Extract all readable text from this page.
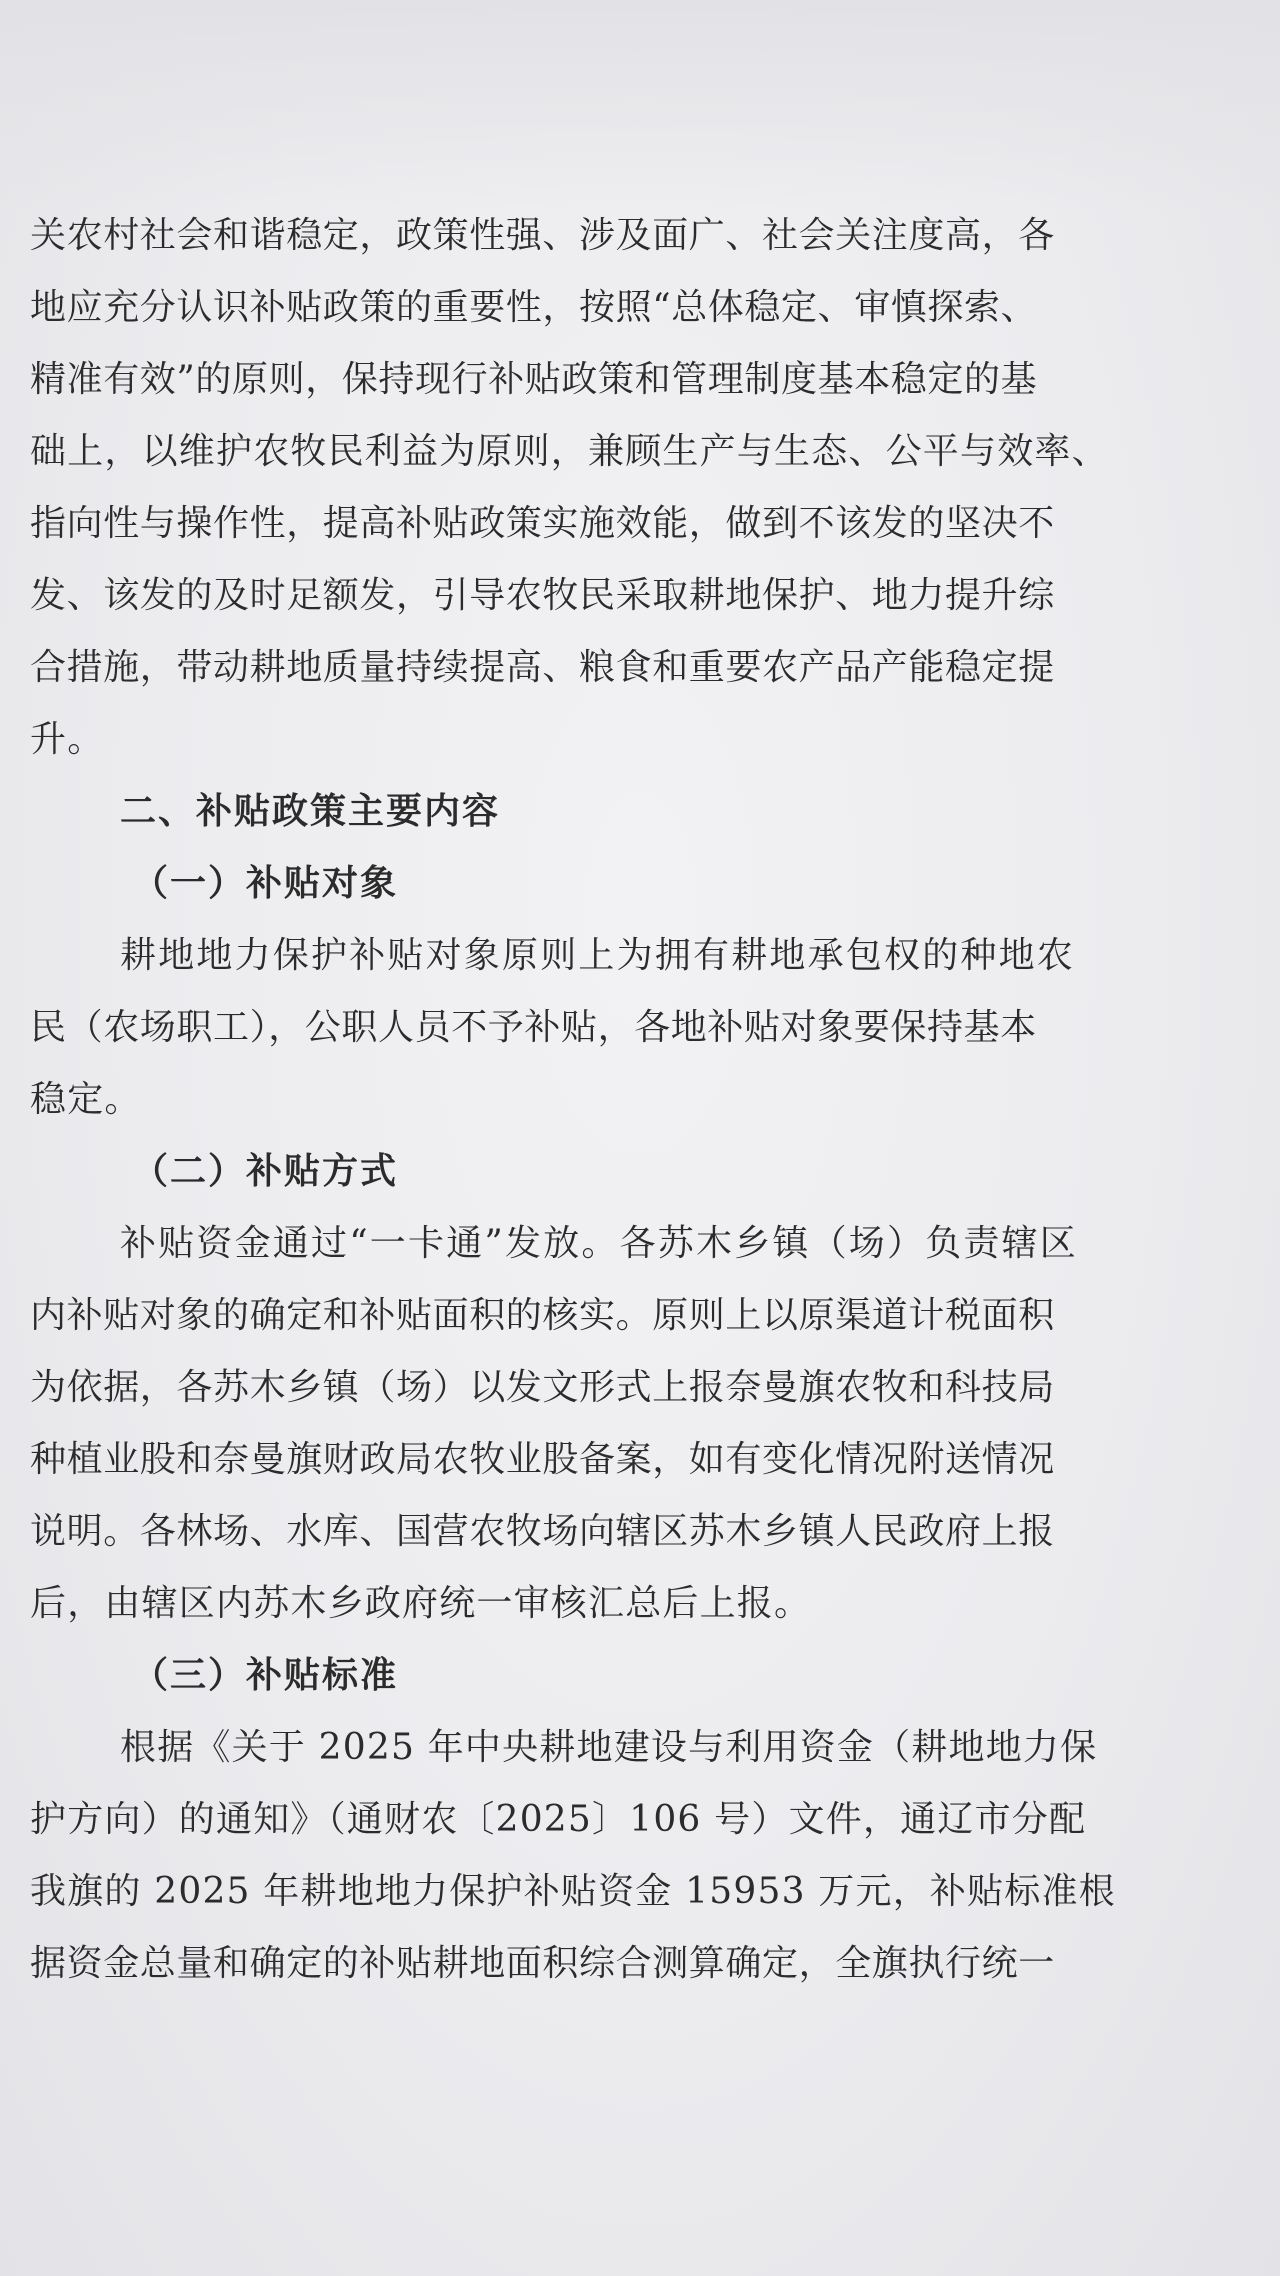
关农村社会和谐稳定，政策性强、涉及面广、社会关注度高，各
地应充分认识补贴政策的重要性，按照“总体稳定、审慎探索、
精准有效”的原则，保持现行补贴政策和管理制度基本稳定的基
础上，以维护农牧民利益为原则，兼顾生产与生态、公平与效率、
指向性与操作性，提高补贴政策实施效能，做到不该发的坚决不
发、该发的及时足额发，引导农牧民采取耕地保护、地力提升综
合措施，带动耕地质量持续提高、粮食和重要农产品产能稳定提
升。
二、补贴政策主要内容
（一）补贴对象
耕地地力保护补贴对象原则上为拥有耕地承包权的种地农
民（农场职工），公职人员不予补贴，各地补贴对象要保持基本
稳定。
（二）补贴方式
补贴资金通过“一卡通”发放。各苏木乡镇（场）负责辖区
内补贴对象的确定和补贴面积的核实。原则上以原渠道计税面积
为依据，各苏木乡镇（场）以发文形式上报奈曼旗农牧和科技局
种植业股和奈曼旗财政局农牧业股备案，如有变化情况附送情况
说明。各林场、水库、国营农牧场向辖区苏木乡镇人民政府上报
后，由辖区内苏木乡政府统一审核汇总后上报。
（三）补贴标准
根据《关于 2025 年中央耕地建设与利用资金（耕地地力保
护方向）的通知》（通财农〔2025〕106 号）文件，通辽市分配
我旗的 2025 年耕地地力保护补贴资金 15953 万元，补贴标准根
据资金总量和确定的补贴耕地面积综合测算确定，全旗执行统一
